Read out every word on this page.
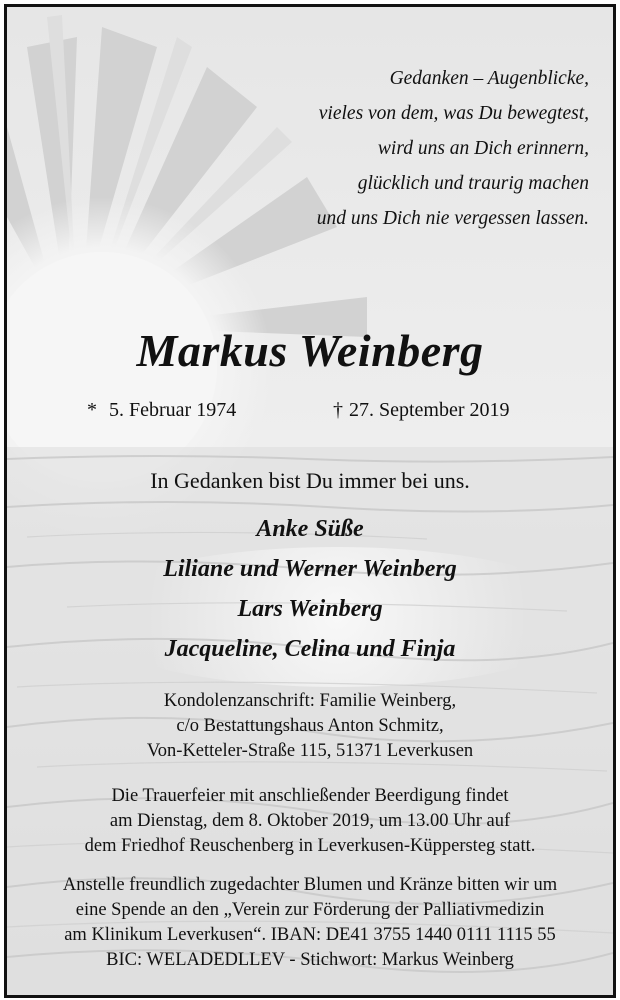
Gedanken – Augenblicke,
vieles von dem, was Du bewegtest,
wird uns an Dich erinnern,
glücklich und traurig machen
und uns Dich nie vergessen lassen.
Markus Weinberg
* 5. Februar 1974	† 27. September 2019
In Gedanken bist Du immer bei uns.
Anke Süße
Liliane und Werner Weinberg
Lars Weinberg
Jacqueline, Celina und Finja
Kondolenzanschrift: Familie Weinberg,
c/o Bestattungshaus Anton Schmitz,
Von-Ketteler-Straße 115, 51371 Leverkusen
Die Trauerfeier mit anschließender Beerdigung findet
am Dienstag, dem 8. Oktober 2019, um 13.00 Uhr auf
dem Friedhof Reuschenberg in Leverkusen-Küppersteg statt.
Anstelle freundlich zugedachter Blumen und Kränze bitten wir um
eine Spende an den „Verein zur Förderung der Palliativmedizin
am Klinikum Leverkusen“. IBAN: DE41 3755 1440 0111 1115 55
BIC: WELADEDLLEV - Stichwort: Markus Weinberg
